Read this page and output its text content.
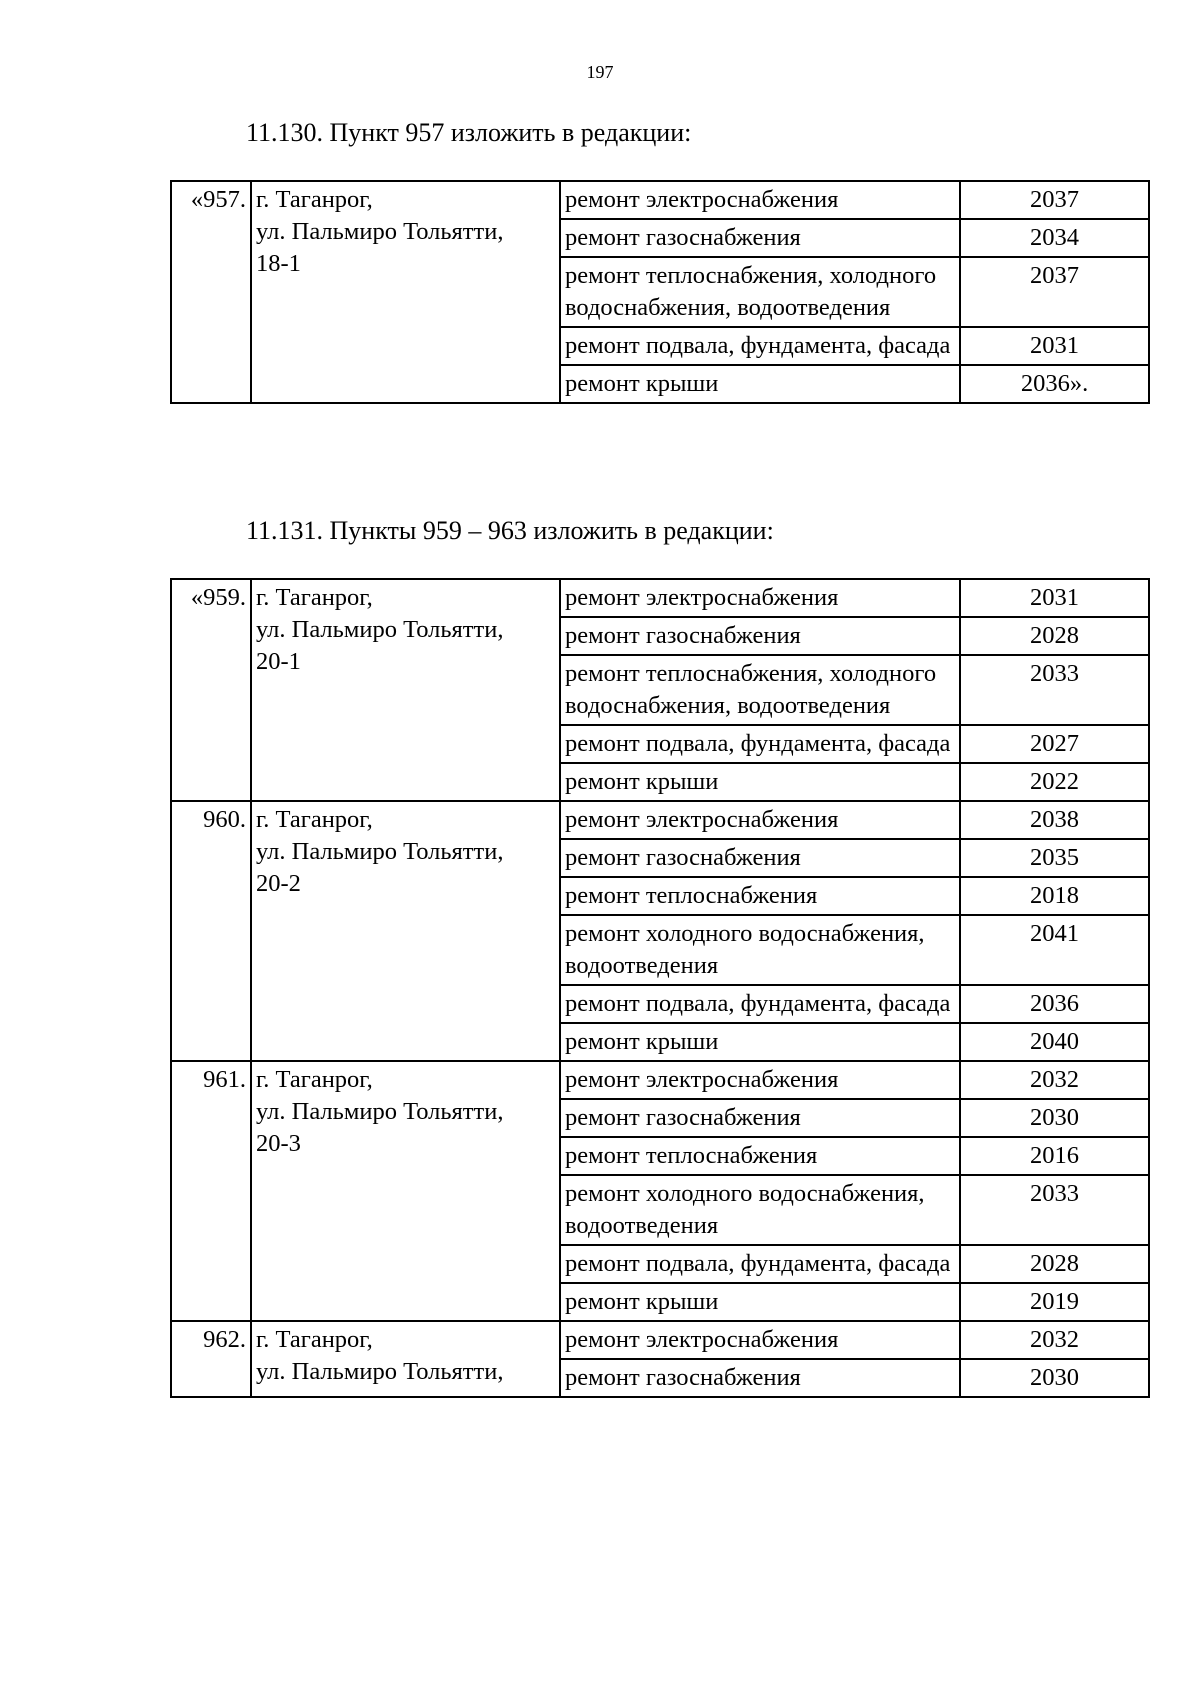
197
11.130. Пункт 957 изложить в редакции:
«957.	г. Таганрог,
ул. Пальмиро Тольятти,
18-1	ремонт электроснабжения	2037
		ремонт газоснабжения	2034
		ремонт теплоснабжения, холодного водоснабжения, водоотведения	2037
		ремонт подвала, фундамента, фасада	2031
		ремонт крыши	2036».
11.131. Пункты 959 – 963 изложить в редакции:
«959.	г. Таганрог,
ул. Пальмиро Тольятти,
20-1	ремонт электроснабжения	2031
		ремонт газоснабжения	2028
		ремонт теплоснабжения, холодного водоснабжения, водоотведения	2033
		ремонт подвала, фундамента, фасада	2027
		ремонт крыши	2022
960.	г. Таганрог,
ул. Пальмиро Тольятти,
20-2	ремонт электроснабжения	2038
		ремонт газоснабжения	2035
		ремонт теплоснабжения	2018
		ремонт холодного водоснабжения, водоотведения	2041
		ремонт подвала, фундамента, фасада	2036
		ремонт крыши	2040
961.	г. Таганрог,
ул. Пальмиро Тольятти,
20-3	ремонт электроснабжения	2032
		ремонт газоснабжения	2030
		ремонт теплоснабжения	2016
		ремонт холодного водоснабжения, водоотведения	2033
		ремонт подвала, фундамента, фасада	2028
		ремонт крыши	2019
962.	г. Таганрог,
ул. Пальмиро Тольятти,	ремонт электроснабжения	2032
		ремонт газоснабжения	2030
